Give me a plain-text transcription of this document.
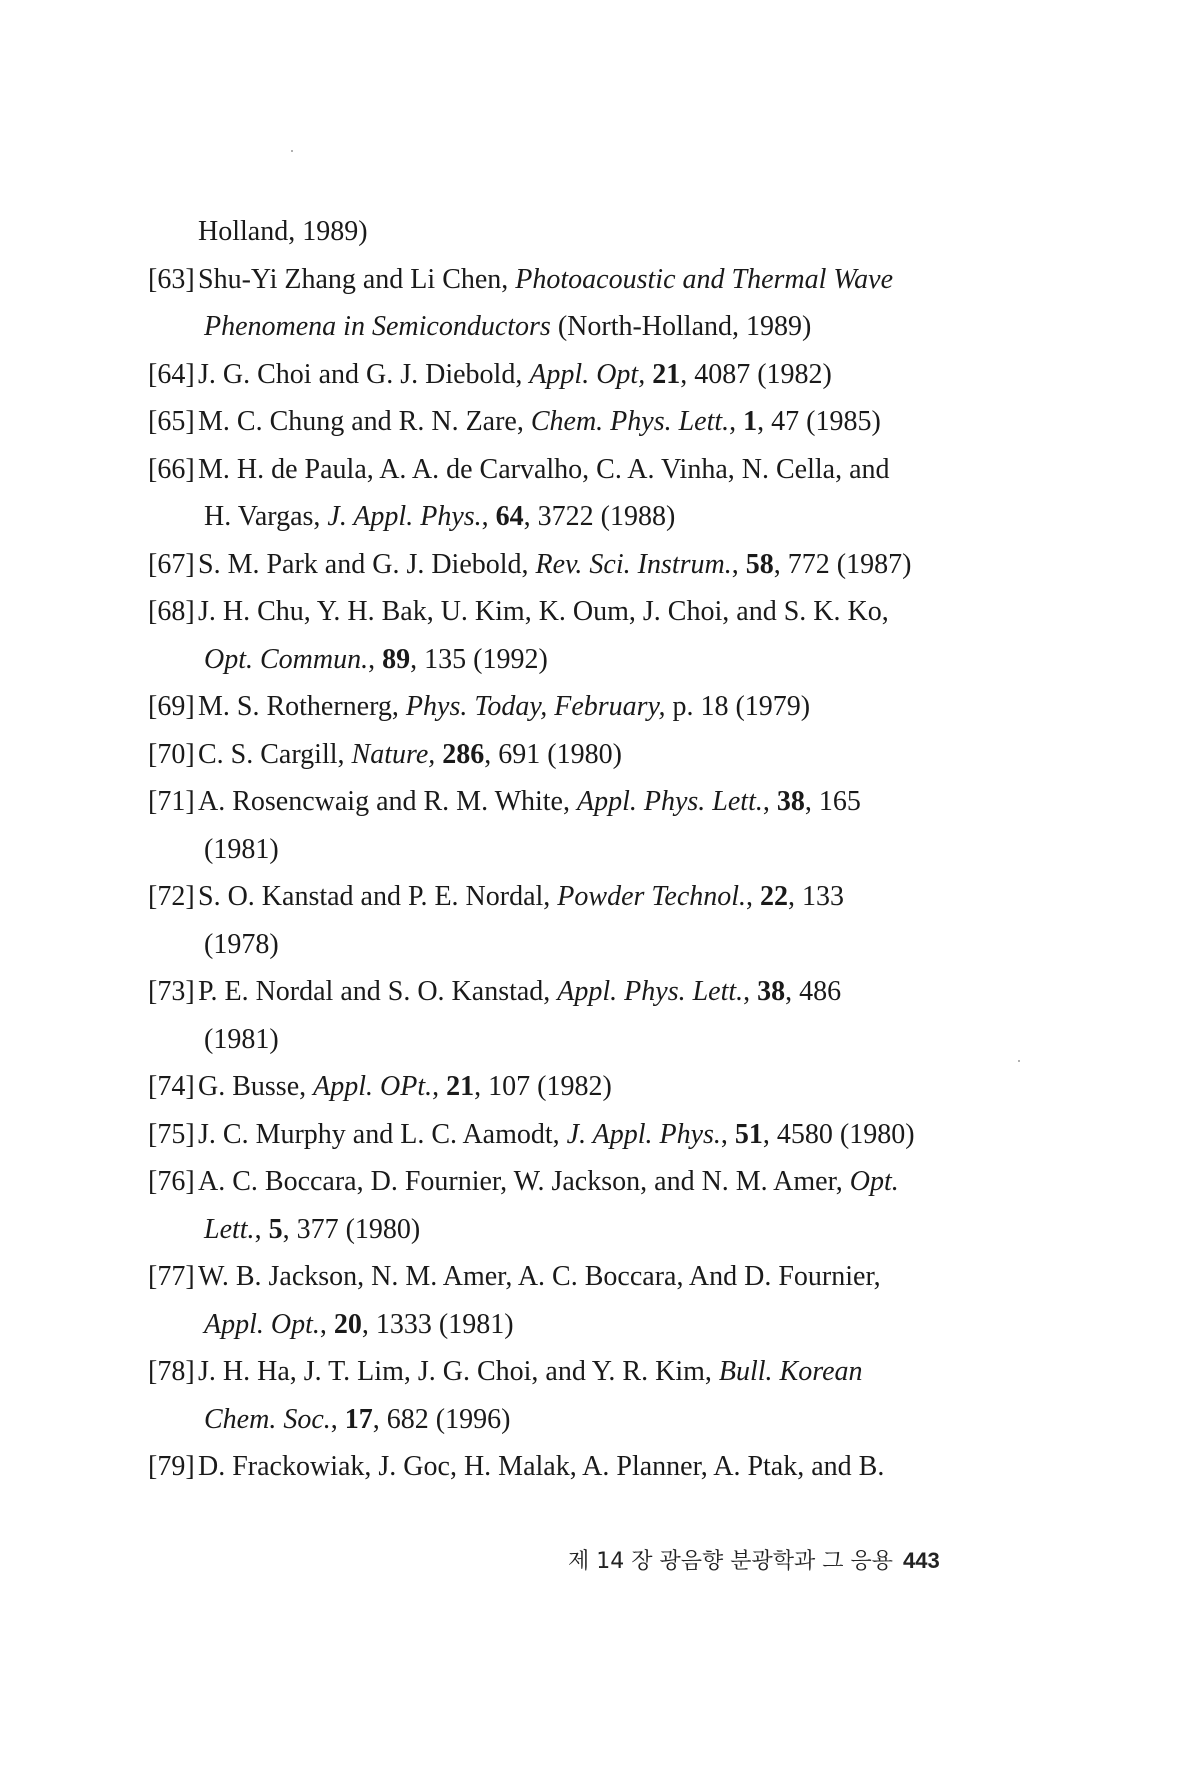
Holland, 1989)
[63] Shu-Yi Zhang and Li Chen, Photoacoustic and Thermal Wave
Phenomena in Semiconductors (North-Holland, 1989)
[64] J. G. Choi and G. J. Diebold, Appl. Opt, 21, 4087 (1982)
[65] M. C. Chung and R. N. Zare, Chem. Phys. Lett., 1, 47 (1985)
[66] M. H. de Paula, A. A. de Carvalho, C. A. Vinha, N. Cella, and
H. Vargas, J. Appl. Phys., 64, 3722 (1988)
[67] S. M. Park and G. J. Diebold, Rev. Sci. Instrum., 58, 772 (1987)
[68] J. H. Chu, Y. H. Bak, U. Kim, K. Oum, J. Choi, and S. K. Ko,
Opt. Commun., 89, 135 (1992)
[69] M. S. Rothernerg, Phys. Today, February, p. 18 (1979)
[70] C. S. Cargill, Nature, 286, 691 (1980)
[71] A. Rosencwaig and R. M. White, Appl. Phys. Lett., 38, 165
(1981)
[72] S. O. Kanstad and P. E. Nordal, Powder Technol., 22, 133
(1978)
[73] P. E. Nordal and S. O. Kanstad, Appl. Phys. Lett., 38, 486
(1981)
[74] G. Busse, Appl. OPt., 21, 107 (1982)
[75] J. C. Murphy and L. C. Aamodt, J. Appl. Phys., 51, 4580 (1980)
[76] A. C. Boccara, D. Fournier, W. Jackson, and N. M. Amer, Opt.
Lett., 5, 377 (1980)
[77] W. B. Jackson, N. M. Amer, A. C. Boccara, And D. Fournier,
Appl. Opt., 20, 1333 (1981)
[78] J. H. Ha, J. T. Lim, J. G. Choi, and Y. R. Kim, Bull. Korean
Chem. Soc., 17, 682 (1996)
[79] D. Frackowiak, J. Goc, H. Malak, A. Planner, A. Ptak, and B.
제 14 장 광음향 분광학과 그 응용 443
